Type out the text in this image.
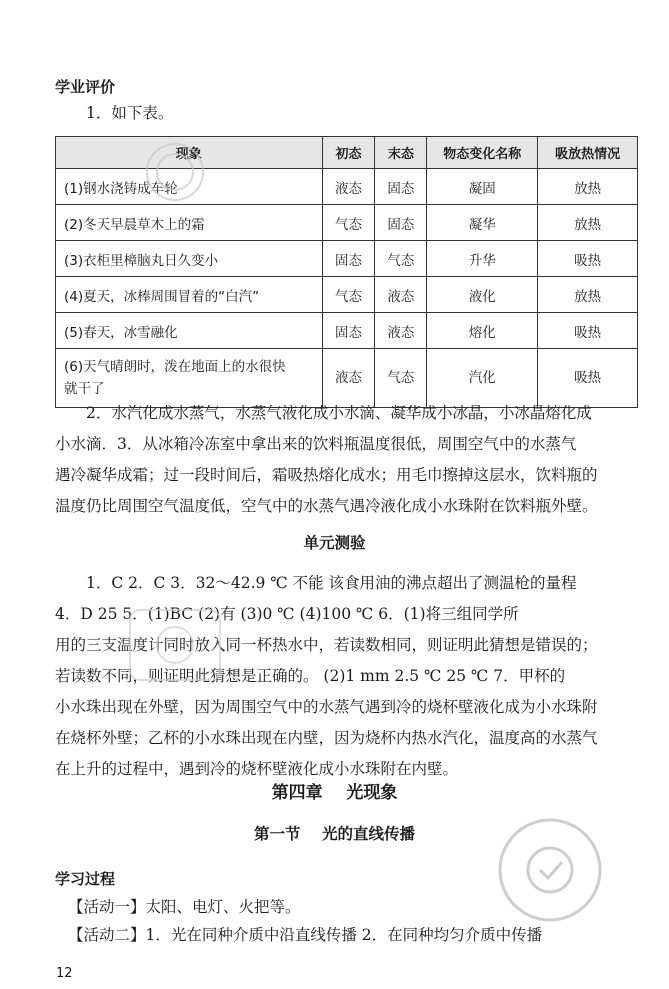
学业评价
1．如下表。
现象	初态	末态	物态变化名称	吸放热情况
(1)钢水浇铸成车轮	液态	固态	凝固	放热
(2)冬天早晨草木上的霜	气态	固态	凝华	放热
(3)衣柜里樟脑丸日久变小	固态	气态	升华	吸热
(4)夏天，冰棒周围冒着的“白汽”	气态	液态	液化	放热
(5)春天，冰雪融化	固态	液态	熔化	吸热

(6)天气晴朗时，泼在地面上的水很快
就干了	液态	气态	汽化	吸热

2．水汽化成水蒸气，水蒸气液化成小水滴、凝华成小冰晶，小冰晶熔化成

小水滴．3．从冰箱冷冻室中拿出来的饮料瓶温度很低，周围空气中的水蒸气

遇冷凝华成霜；过一段时间后，霜吸热熔化成水；用毛巾擦掉这层水，饮料瓶的

温度仍比周围空气温度低，空气中的水蒸气遇冷液化成小水珠附在饮料瓶外壁。

单元测验

1．C 2．C 3．32～42.9 ℃ 不能 该食用油的沸点超出了测温枪的量程

4．D 25 5．(1)BC (2)有 (3)0 ℃ (4)100 ℃ 6．(1)将三组同学所

用的三支温度计同时放入同一杯热水中，若读数相同，则证明此猜想是错误的；

若读数不同，则证明此猜想是正确的。 (2)1 mm 2.5 ℃ 25 ℃ 7．甲杯的

小水珠出现在外壁，因为周围空气中的水蒸气遇到冷的烧杯壁液化成为小水珠附

在烧杯外壁；乙杯的小水珠出现在内壁，因为烧杯内热水汽化，温度高的水蒸气

在上升的过程中，遇到冷的烧杯壁液化成小水珠附在内壁。

第四章    光现象
第一节    光的直线传播
学习过程
【活动一】太阳、电灯、火把等。
【活动二】1．光在同种介质中沿直线传播 2．在同种均匀介质中传播
12
